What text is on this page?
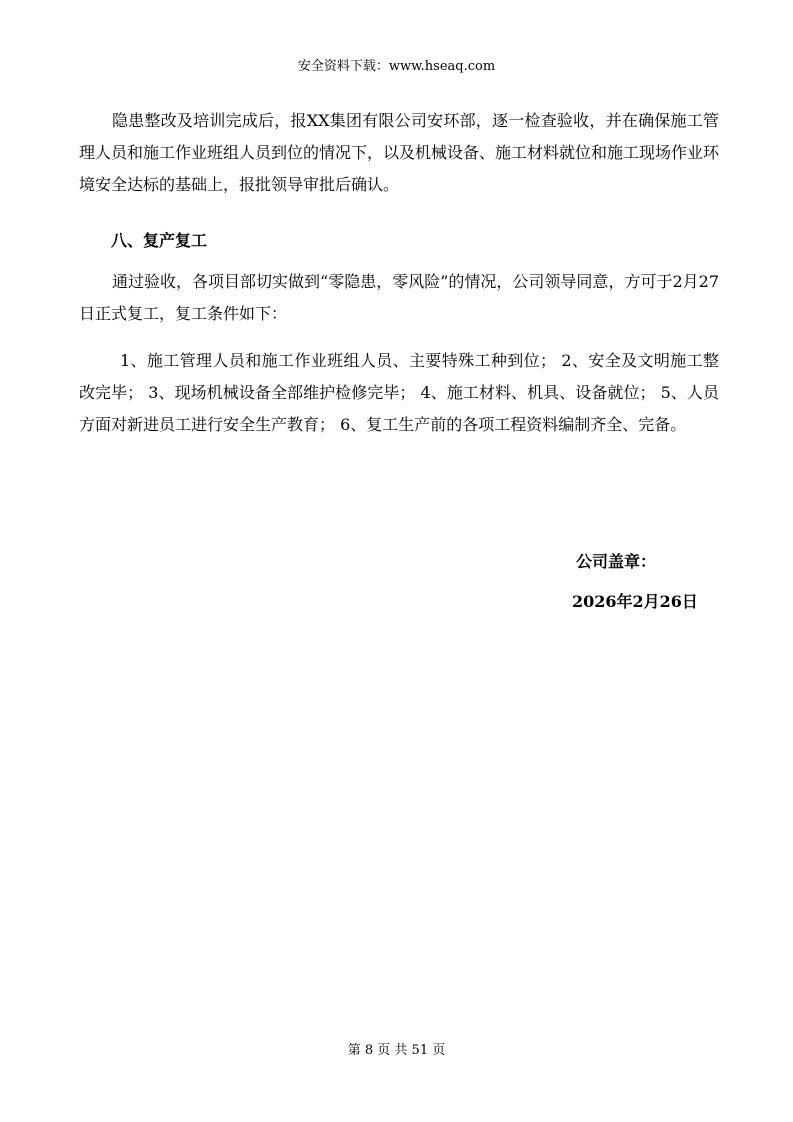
安全资料下载：www.hseaq.com

隐患整改及培训完成后，报XX集团有限公司安环部，逐一检查验收，并在确保施工管理人员和施工作业班组人员到位的情况下，以及机械设备、施工材料就位和施工现场作业环境安全达标的基础上，报批领导审批后确认。

八、复产复工

通过验收，各项目部切实做到“零隐患，零风险”的情况，公司领导同意，方可于2月27日正式复工，复工条件如下：

1、施工管理人员和施工作业班组人员、主要特殊工种到位； 2、安全及文明施工整改完毕； 3、现场机械设备全部维护检修完毕； 4、施工材料、机具、设备就位； 5、人员方面对新进员工进行安全生产教育； 6、复工生产前的各项工程资料编制齐全、完备。

公司盖章：
2026年2月26日
第 8 页 共 51 页
